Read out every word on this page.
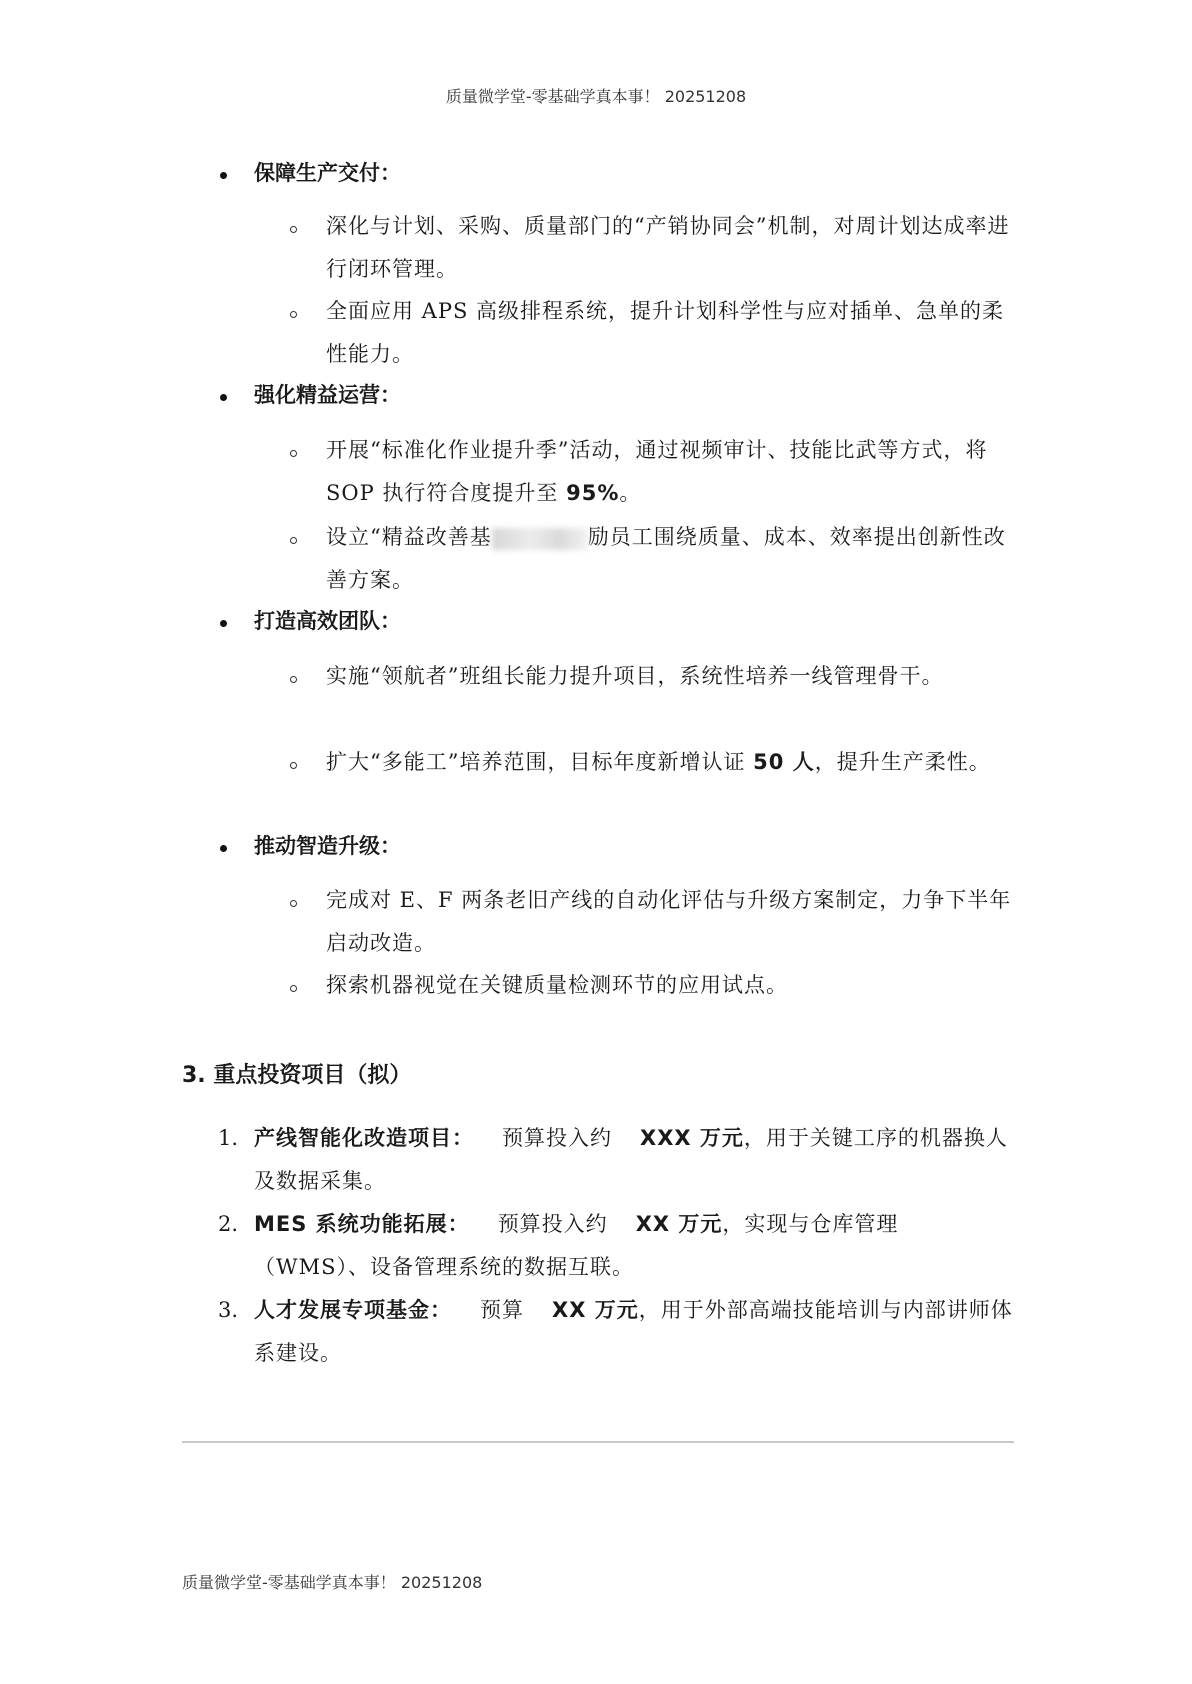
质量微学堂-零基础学真本事！ 20251208
保障生产交付：
深化与计划、采购、质量部门的“产销协同会”机制，对周计划达成率进行闭环管理。
全面应用 APS 高级排程系统，提升计划科学性与应对插单、急单的柔性能力。
强化精益运营：
开展“标准化作业提升季”活动，通过视频审计、技能比武等方式，将 SOP 执行符合度提升至 95%。
设立“精益改善基	励员工围绕质量、成本、效率提出创新性改善方案。
打造高效团队：
实施“领航者”班组长能力提升项目，系统性培养一线管理骨干。
扩大“多能工”培养范围，目标年度新增认证 50 人，提升生产柔性。
推动智造升级：
完成对 E、F 两条老旧产线的自动化评估与升级方案制定，力争下半年启动改造。
探索机器视觉在关键质量检测环节的应用试点。
3. 重点投资项目（拟）
1. 产线智能化改造项目： 预算投入约 XXX 万元，用于关键工序的机器换人及数据采集。
2. MES 系统功能拓展： 预算投入约 XX 万元，实现与仓库管理（WMS）、设备管理系统的数据互联。
3. 人才发展专项基金： 预算 XX 万元，用于外部高端技能培训与内部讲师体系建设。
质量微学堂-零基础学真本事！ 20251208
